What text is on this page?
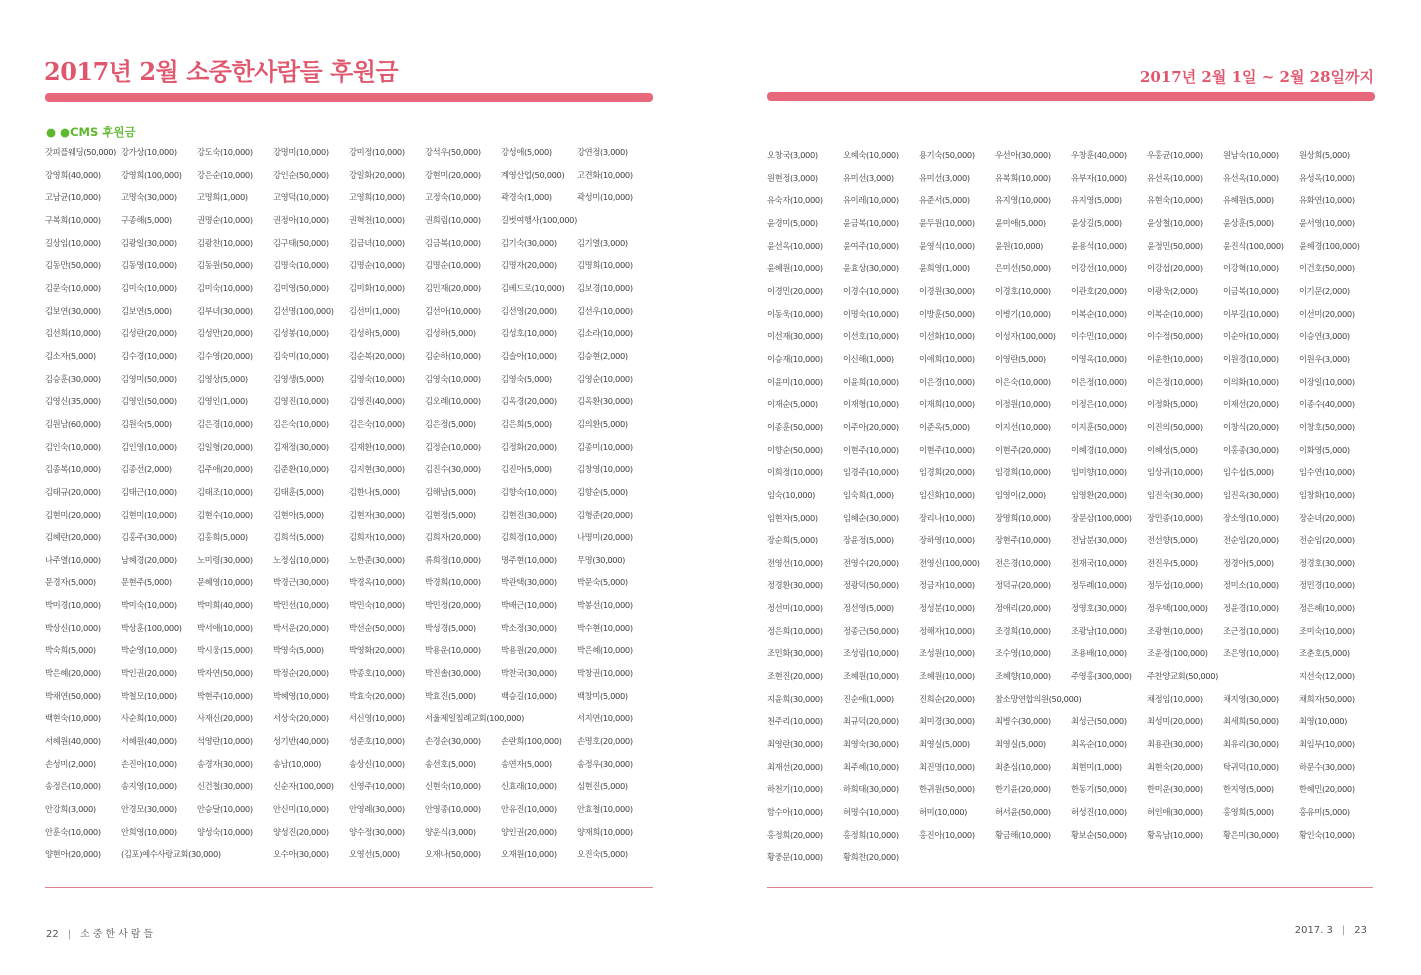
2017년 2월 소중한사람들 후원금
● ●CMS 후원금
갓피플웨딩(50,000) 강가상(10,000)	강도숙(10,000)	강명미(10,000)	강미정(10,000)	강석우(50,000)	강성애(5,000)	강연정(3,000)
강영희(40,000)	강영희(100,000)	강은순(10,000)	강인순(50,000)	강일화(20,000)	강현미(20,000)	계영산업(50,000)	고견화(10,000)
고남균(10,000)	고명숙(30,000)	고명희(1,000)	고영덕(10,000)	고영희(10,000)	고정숙(10,000)	곽경숙(1,000)	곽성미(10,000)
구복희(10,000)	구종해(5,000)	권명순(10,000)	권정아(10,000)	권혁천(10,000)	권희림(10,000)	길벗여행사(100,000)
길상임(10,000)	김광일(30,000)	김광찬(10,000)	김구태(50,000)	김금녀(10,000)	김금복(10,000)	김기숙(30,000)	김기열(3,000)
김동만(50,000)	김동영(10,000)	김동원(50,000)	김명숙(10,000)	김명순(10,000)	김명순(10,000)	김명자(20,000)	김명희(10,000)
김문숙(10,000)	김미숙(10,000)	김미숙(10,000)	김미영(50,000)	김미화(10,000)	김민재(20,000)	김베드로(10,000)	김보경(10,000)
김보연(30,000)	김보연(5,000)	김부녀(30,000)	김선명(100,000)	김선미(1,000)	김선아(10,000)	김선영(20,000)	김선우(10,000)
김선희(10,000)	김성란(20,000)	김성만(20,000)	김성봉(10,000)	김성하(5,000)	김성하(5,000)	김성호(10,000)	김소라(10,000)
김소자(5,000)	김수경(10,000)	김수영(20,000)	김숙미(10,000)	김순복(20,000)	김순하(10,000)	김슬아(10,000)	김승현(2,000)
김승훈(30,000)	김영미(50,000)	김영상(5,000)	김영생(5,000)	김영숙(10,000)	김영숙(10,000)	김영숙(5,000)	김영순(10,000)
김영신(35,000)	김영인(50,000)	김영인(1,000)	김영진(10,000)	김영진(40,000)	김오례(10,000)	김옥경(20,000)	김옥환(30,000)
김원남(60,000)	김원숙(5,000)	김은경(10,000)	김은숙(10,000)	김은숙(10,000)	김은정(5,000)	김은희(5,000)	김의환(5,000)
김인숙(10,000)	김인영(10,000)	김일형(20,000)	김재정(30,000)	김재환(10,000)	김정순(10,000)	김정화(20,000)	김종미(10,000)
김종복(10,000)	김종선(2,000)	김주애(20,000)	김준환(10,000)	김지현(30,000)	김진수(30,000)	김진아(5,000)	김창영(10,000)
김태규(20,000)	김태근(10,000)	김태조(10,000)	김태훈(5,000)	김한나(5,000)	김해남(5,000)	김향숙(10,000)	김향순(5,000)
김현미(20,000)	김현미(10,000)	김현수(10,000)	김현아(5,000)	김현자(30,000)	김현정(5,000)	김현진(30,000)	김형준(20,000)
김혜란(20,000)	김홍주(30,000)	김홍희(5,000)	김희석(5,000)	김희자(10,000)	김희자(20,000)	김희정(10,000)	나명미(20,000)
나주열(10,000)	남혜경(20,000)	노미령(30,000)	노정심(10,000)	노한준(30,000)	류희정(10,000)	명주현(10,000)	무명(30,000)
문경자(5,000)	문현주(5,000)	문혜영(10,000)	박경근(30,000)	박경옥(10,000)	박경희(10,000)	박관택(30,000)	박문숙(5,000)
박미경(10,000)	박미숙(10,000)	박미희(40,000)	박민선(10,000)	박민숙(10,000)	박민정(20,000)	박배근(10,000)	박봉선(10,000)
박상신(10,000)	박상훈(100,000)	박서애(10,000)	박서운(20,000)	박선순(50,000)	박성경(5,000)	박소정(30,000)	박수현(10,000)
박숙희(5,000)	박순영(10,000)	박시웅(15,000)	박영숙(5,000)	박영화(20,000)	박용운(10,000)	박용원(20,000)	박은혜(10,000)
박은혜(20,000)	박인권(20,000)	박자연(50,000)	박정순(20,000)	박종호(10,000)	박진솔(30,000)	박찬국(30,000)	박창권(10,000)
박채연(50,000)	박철모(10,000)	박현주(10,000)	박혜영(10,000)	박효숙(20,000)	박효진(5,000)	백승길(10,000)	백창미(5,000)
백현숙(10,000)	사순희(10,000)	사재신(20,000)	서상숙(20,000)	서신영(10,000)	서울제일침례교회(100,000)	서지연(10,000)
서혜원(40,000)	서혜원(40,000)	석영란(10,000)	성기반(40,000)	성준호(10,000)	손경순(30,000)	손란희(100,000)	손명호(20,000)
손성미(2,000)	손진아(10,000)	송경자(30,000)	송남(10,000)	송상신(10,000)	송선호(5,000)	송연자(5,000)	송정우(30,000)
송정은(10,000)	송지영(10,000)	신건철(30,000)	신순자(100,000)	신영주(10,000)	신현숙(10,000)	신효래(10,000)	심현진(5,000)
안강희(3,000)	안경모(30,000)	안승달(10,000)	안신미(10,000)	안영례(30,000)	안영종(10,000)	안유진(10,000)	안효철(10,000)
안훈숙(10,000)	안희영(10,000)	양성숙(10,000)	양성진(20,000)	양수정(30,000)	양운식(3,000)	양인권(20,000)	양재희(10,000)
양현아(20,000)	(김포)예수사랑교회(30,000)	오수아(30,000)	오영선(5,000)	오재나(50,000)	오재원(10,000)	오진숙(5,000)
22 | 소중한사람들
2017년 2월 1일 ~ 2월 28일까지
오창국(3,000)	오혜숙(10,000)	용기숙(50,000)	우선아(30,000)	우창훈(40,000)	우홍균(10,000)	원남숙(10,000)	원상희(5,000)
원현정(3,000)	유미선(3,000)	유미선(3,000)	유복희(10,000)	유부자(10,000)	유선옥(10,000)	유선옥(10,000)	유성옥(10,000)
유숙자(10,000)	유이레(10,000)	유준서(5,000)	유지영(10,000)	유지영(5,000)	유현숙(10,000)	유혜원(5,000)	유화연(10,000)
윤경미(5,000)	윤금복(10,000)	윤두원(10,000)	윤미애(5,000)	윤상길(5,000)	윤상철(10,000)	윤상훈(5,000)	윤서영(10,000)
윤선옥(10,000)	윤여주(10,000)	윤영식(10,000)	윤원(10,000)	윤용석(10,000)	윤정민(50,000)	윤진식(100,000)	윤혜경(100,000)
윤혜원(10,000)	윤효상(30,000)	윤희영(1,000)	은미선(50,000)	이강선(10,000)	이강섭(20,000)	이강혁(10,000)	이건호(50,000)
이경민(20,000)	이경수(10,000)	이경원(30,000)	이경호(10,000)	이관호(20,000)	이광욱(2,000)	이금복(10,000)	이기문(2,000)
이동욱(10,000)	이명숙(10,000)	이방훈(50,000)	이병기(10,000)	이복순(10,000)	이복순(10,000)	이부길(10,000)	이선미(20,000)
이선재(30,000)	이선호(10,000)	이선화(10,000)	이성자(100,000)	이수민(10,000)	이수정(50,000)	이순아(10,000)	이승연(3,000)
이승재(10,000)	이신해(1,000)	이애희(10,000)	이영란(5,000)	이영옥(10,000)	이운한(10,000)	이원경(10,000)	이원우(3,000)
이윤미(10,000)	이윤희(10,000)	이은경(10,000)	이은숙(10,000)	이은정(10,000)	이은정(10,000)	이의화(10,000)	이장일(10,000)
이재순(5,000)	이재형(10,000)	이재희(10,000)	이정원(10,000)	이정은(10,000)	이정화(5,000)	이제선(20,000)	이종수(40,000)
이종훈(50,000)	이주아(20,000)	이준옥(5,000)	이지선(10,000)	이지훈(50,000)	이진의(50,000)	이창식(20,000)	이창호(50,000)
이향순(50,000)	이현주(10,000)	이현주(10,000)	이현주(20,000)	이혜경(10,000)	이혜성(5,000)	이홍종(30,000)	이화영(5,000)
이희정(10,000)	임경주(10,000)	임경희(20,000)	임경희(10,000)	임미향(10,000)	임상귀(10,000)	임수섭(5,000)	임수연(10,000)
임숙(10,000)	임숙희(1,000)	임신화(10,000)	임영이(2,000)	임영환(20,000)	임진숙(30,000)	임진옥(30,000)	임창화(10,000)
임현자(5,000)	임혜순(30,000)	장리나(10,000)	장명희(10,000)	장문삼(100,000)	장민종(10,000)	장소영(10,000)	장순녀(20,000)
장순희(5,000)	장윤정(5,000)	장하영(10,000)	장현주(10,000)	전남분(30,000)	전선향(5,000)	전순임(20,000)	전순임(20,000)
전영선(10,000)	전영수(20,000)	전영신(100,000)	전은경(10,000)	전재국(10,000)	전진우(5,000)	정경아(5,000)	정경호(30,000)
정경환(30,000)	정광덕(50,000)	정금자(10,000)	정덕규(20,000)	정두례(10,000)	정두섭(10,000)	정미소(10,000)	정민경(10,000)
정선미(10,000)	정선영(5,000)	정성분(10,000)	정애리(20,000)	정영호(30,000)	정우택(100,000)	정윤경(10,000)	정은혜(10,000)
정은희(10,000)	정종근(50,000)	정해자(10,000)	조경희(10,000)	조광남(10,000)	조광현(10,000)	조근정(10,000)	조미숙(10,000)
조민화(30,000)	조성림(10,000)	조성원(10,000)	조수영(10,000)	조용배(10,000)	조운정(100,000)	조은영(10,000)	조춘호(5,000)
조현진(20,000)	조혜원(10,000)	조혜원(10,000)	조혜향(10,000)	주영홍(300,000)	주찬양교회(50,000)	지선숙(12,000)
지윤희(30,000)	진순애(1,000)	진희순(20,000)	참소망연합의원(50,000)	채정임(10,000)	채지영(30,000)	채희자(50,000)
천주리(10,000)	최규덕(20,000)	최미경(30,000)	최병수(30,000)	최성근(50,000)	최성미(20,000)	최세희(50,000)	최영(10,000)
최영란(30,000)	최영숙(30,000)	최영실(5,000)	최영실(5,000)	최옥순(10,000)	최용관(30,000)	최유리(30,000)	최임부(10,000)
최재선(20,000)	최주혜(10,000)	최진명(10,000)	최춘심(10,000)	최현미(1,000)	최현숙(20,000)	탁귀덕(10,000)	하문수(30,000)
하천기(10,000)	하희태(30,000)	한귀원(50,000)	한기윤(20,000)	한동기(50,000)	한미운(30,000)	한지영(5,000)	한혜민(20,000)
함수아(10,000)	허명수(10,000)	허미(10,000)	허서윤(50,000)	허성진(10,000)	허인애(30,000)	홍영희(5,000)	홍유미(5,000)
홍정희(20,000)	홍정희(10,000)	홍진아(10,000)	황금해(10,000)	황보순(50,000)	황옥남(10,000)	황은미(30,000)	황인숙(10,000)
황중문(10,000)	황희찬(20,000)
2017. 3 | 23
